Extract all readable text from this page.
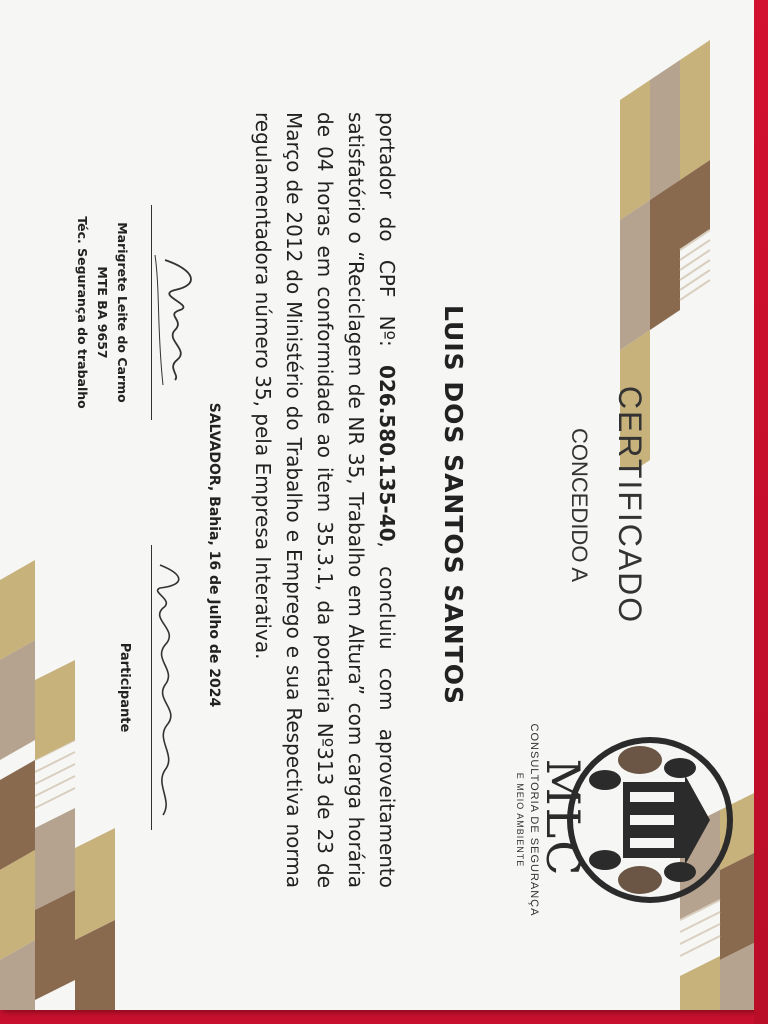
MLC
CONSULTORIA DE SEGURANÇA
E MEIO AMBIENTE
CERTIFICADO
CONCEDIDO A
LUIS DOS SANTOS SANTOS
portador do CPF Nº: 026.580.135-40, concluiu com aproveitamento satisfatório o “Reciclagem de NR 35, Trabalho em Altura” com carga horária de 04 horas em conformidade ao item 35.3.1, da portaria Nº313 de 23 de Março de 2012 do Ministério do Trabalho e Emprego e sua Respectiva norma regulamentadora número 35, pela Empresa Interativa.
SALVADOR, Bahia, 16 de Julho de 2024
Marigrete Leite do Carmo
MTE BA 9657
Téc. Segurança do trabalho
Participante
